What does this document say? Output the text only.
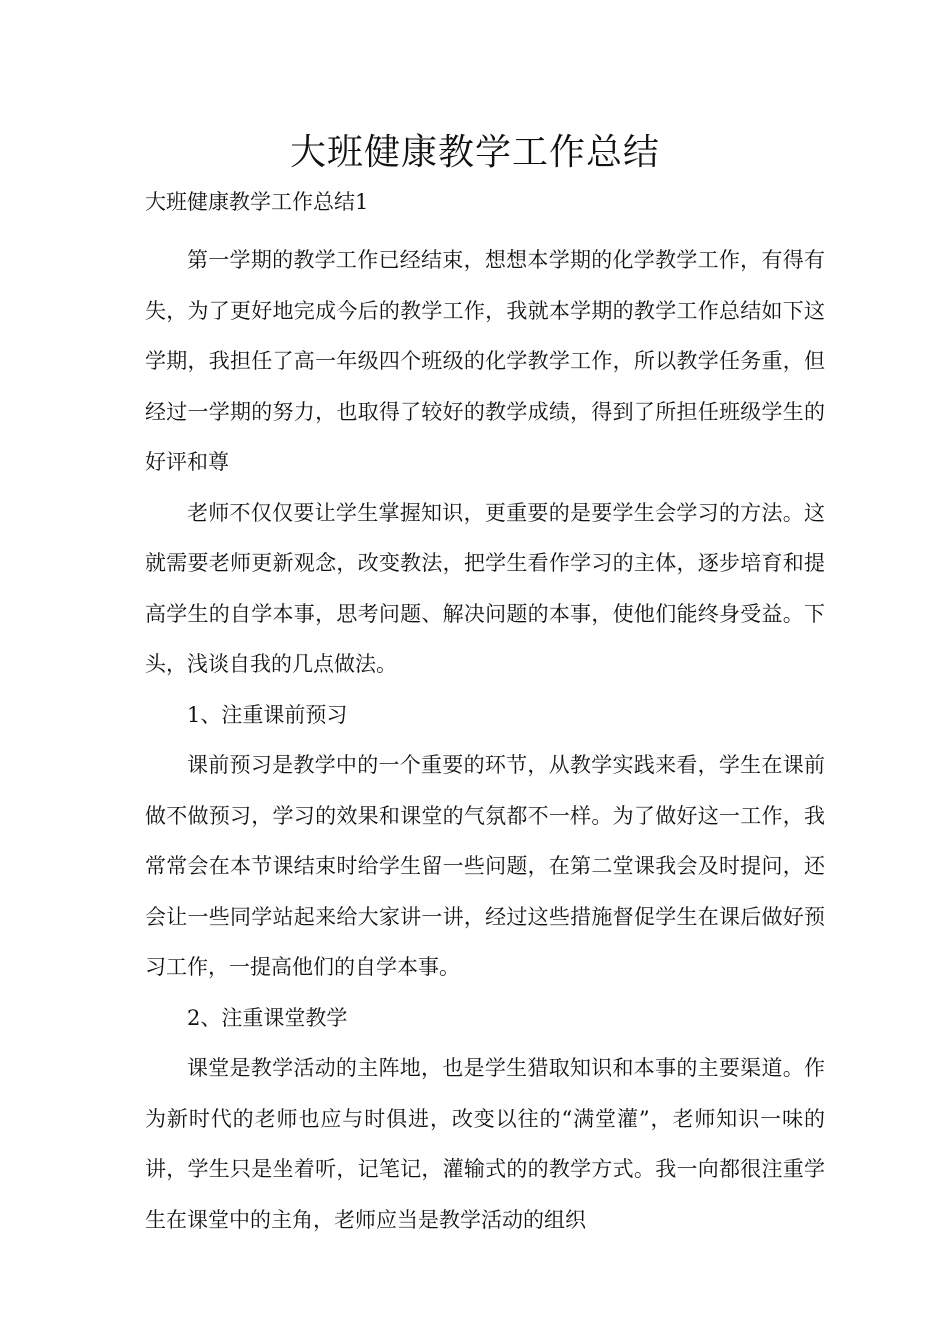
大班健康教学工作总结
大班健康教学工作总结1

第一学期的教学工作已经结束，想想本学期的化学教学工作，有得有失，为了更好地完成今后的教学工作，我就本学期的教学工作总结如下这学期，我担任了高一年级四个班级的化学教学工作，所以教学任务重，但经过一学期的努力，也取得了较好的教学成绩，得到了所担任班级学生的好评和尊

老师不仅仅要让学生掌握知识，更重要的是要学生会学习的方法。这就需要老师更新观念，改变教法，把学生看作学习的主体，逐步培育和提高学生的自学本事，思考问题、解决问题的本事，使他们能终身受益。下头，浅谈自我的几点做法。

1、注重课前预习

课前预习是教学中的一个重要的环节，从教学实践来看，学生在课前做不做预习，学习的效果和课堂的气氛都不一样。为了做好这一工作，我常常会在本节课结束时给学生留一些问题，在第二堂课我会及时提问，还会让一些同学站起来给大家讲一讲，经过这些措施督促学生在课后做好预习工作，一提高他们的自学本事。

2、注重课堂教学

课堂是教学活动的主阵地，也是学生猎取知识和本事的主要渠道。作为新时代的老师也应与时俱进，改变以往的“满堂灌”，老师知识一味的讲，学生只是坐着听，记笔记，灌输式的的教学方式。我一向都很注重学生在课堂中的主角，老师应当是教学活动的组织
